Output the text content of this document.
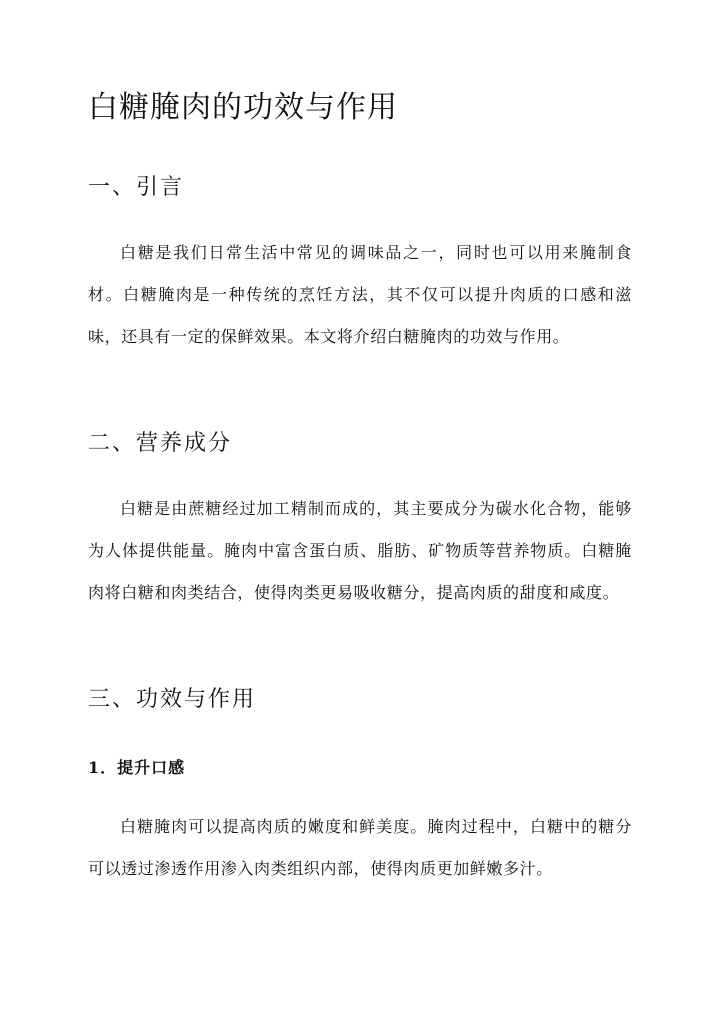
白糖腌肉的功效与作用
一、引言

白糖是我们日常生活中常见的调味品之一，同时也可以用来腌制食材。白糖腌肉是一种传统的烹饪方法，其不仅可以提升肉质的口感和滋味，还具有一定的保鲜效果。本文将介绍白糖腌肉的功效与作用。

二、营养成分

白糖是由蔗糖经过加工精制而成的，其主要成分为碳水化合物，能够为人体提供能量。腌肉中富含蛋白质、脂肪、矿物质等营养物质。白糖腌肉将白糖和肉类结合，使得肉类更易吸收糖分，提高肉质的甜度和咸度。

三、功效与作用
1．提升口感

白糖腌肉可以提高肉质的嫩度和鲜美度。腌肉过程中，白糖中的糖分可以透过渗透作用渗入肉类组织内部，使得肉质更加鲜嫩多汁。
